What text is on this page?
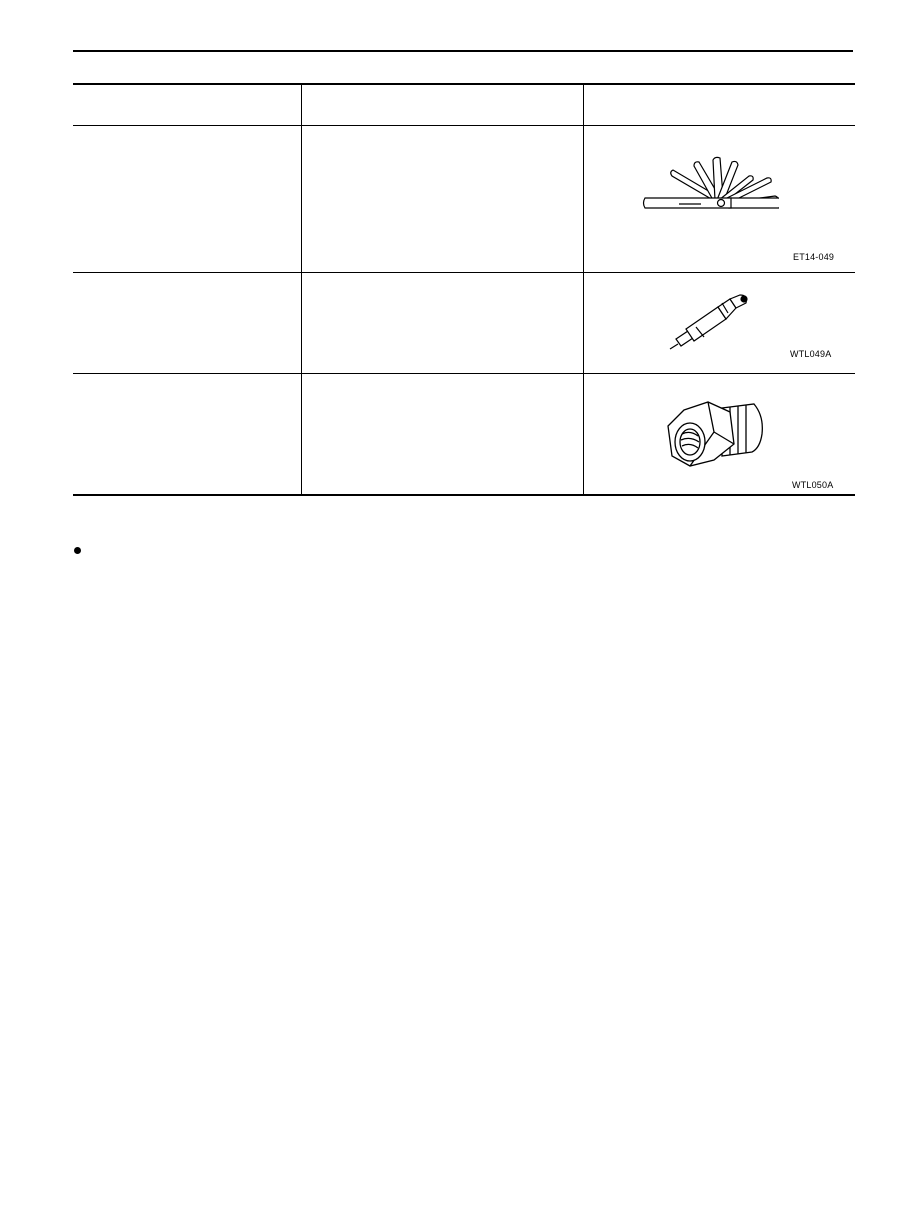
		ET14-049

		WTL049A

		WTL050A
